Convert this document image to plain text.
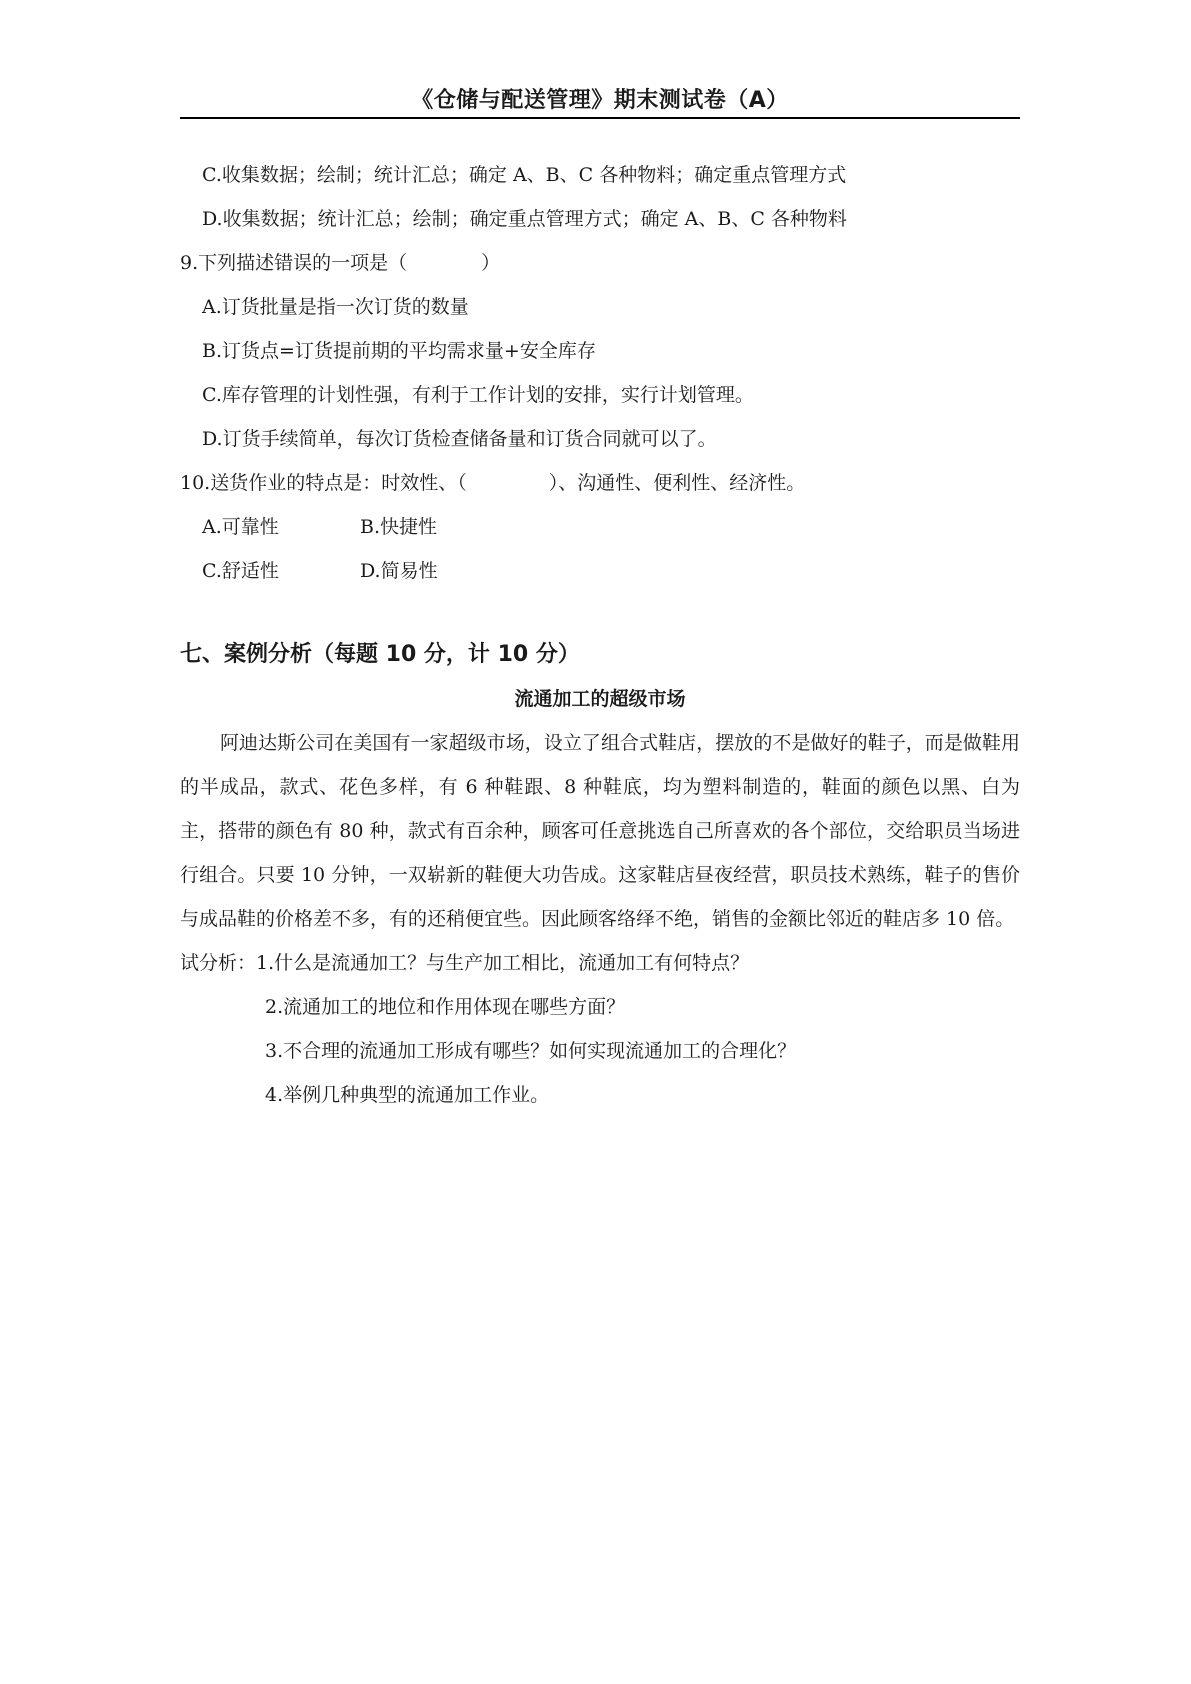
《仓储与配送管理》期末测试卷（A）
C.收集数据；绘制；统计汇总；确定 A、B、C 各种物料；确定重点管理方式
D.收集数据；统计汇总；绘制；确定重点管理方式；确定 A、B、C 各种物料
9.下列描述错误的一项是（	）
A.订货批量是指一次订货的数量
B.订货点=订货提前期的平均需求量+安全库存
C.库存管理的计划性强，有利于工作计划的安排，实行计划管理。
D.订货手续简单，每次订货检查储备量和订货合同就可以了。
10.送货作业的特点是：时效性、（	）、沟通性、便利性、经济性。
A.可靠性	B.快捷性
C.舒适性	D.简易性
七、案例分析（每题 10 分，计 10 分）
流通加工的超级市场
阿迪达斯公司在美国有一家超级市场，设立了组合式鞋店，摆放的不是做好的鞋子，而是做鞋用的半成品，款式、花色多样，有 6 种鞋跟、8 种鞋底，均为塑料制造的，鞋面的颜色以黑、白为主，搭带的颜色有 80 种，款式有百余种，顾客可任意挑选自己所喜欢的各个部位，交给职员当场进行组合。只要 10 分钟，一双崭新的鞋便大功告成。这家鞋店昼夜经营，职员技术熟练，鞋子的售价与成品鞋的价格差不多，有的还稍便宜些。因此顾客络绎不绝，销售的金额比邻近的鞋店多 10 倍。
试分析：1.什么是流通加工？与生产加工相比，流通加工有何特点？
2.流通加工的地位和作用体现在哪些方面？
3.不合理的流通加工形成有哪些？如何实现流通加工的合理化？
4.举例几种典型的流通加工作业。
